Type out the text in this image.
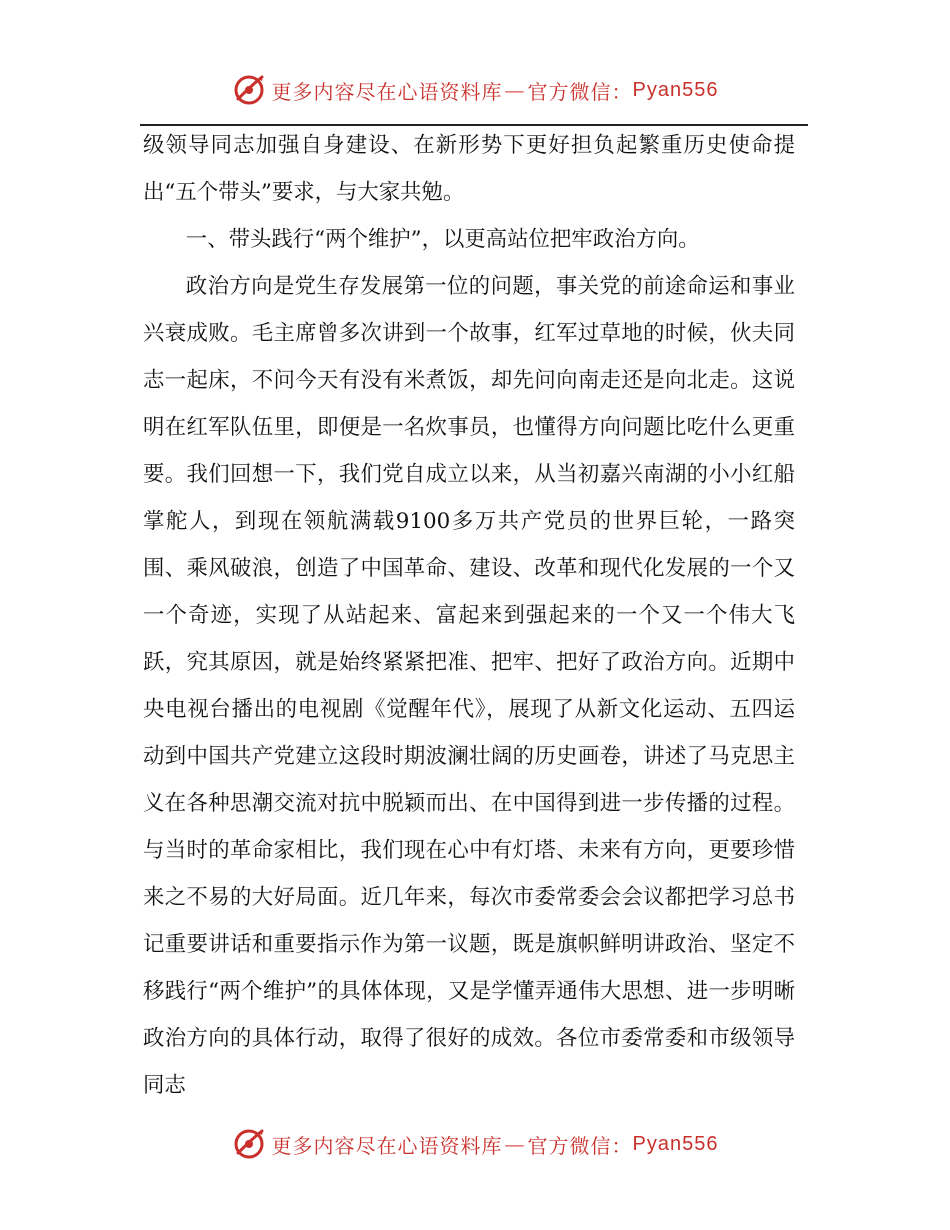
更多内容尽在心语资料库 — 官方微信： Pyan556

级领导同志加强自身建设、在新形势下更好担负起繁重历史使命提出“五个带头”要求，与大家共勉。

一、带头践行“两个维护”，以更高站位把牢政治方向。

政治方向是党生存发展第一位的问题，事关党的前途命运和事业兴衰成败。毛主席曾多次讲到一个故事，红军过草地的时候，伙夫同志一起床，不问今天有没有米煮饭，却先问向南走还是向北走。这说明在红军队伍里，即便是一名炊事员，也懂得方向问题比吃什么更重要。我们回想一下，我们党自成立以来，从当初嘉兴南湖的小小红船掌舵人，到现在领航满载9100多万共产党员的世界巨轮，一路突围、乘风破浪，创造了中国革命、建设、改革和现代化发展的一个又一个奇迹，实现了从站起来、富起来到强起来的一个又一个伟大飞跃，究其原因，就是始终紧紧把准、把牢、把好了政治方向。近期中央电视台播出的电视剧《觉醒年代》，展现了从新文化运动、五四运动到中国共产党建立这段时期波澜壮阔的历史画卷，讲述了马克思主义在各种思潮交流对抗中脱颖而出、在中国得到进一步传播的过程。与当时的革命家相比，我们现在心中有灯塔、未来有方向，更要珍惜来之不易的大好局面。近几年来，每次市委常委会会议都把学习总书记重要讲话和重要指示作为第一议题，既是旗帜鲜明讲政治、坚定不移践行“两个维护”的具体体现，又是学懂弄通伟大思想、进一步明晰政治方向的具体行动，取得了很好的成效。各位市委常委和市级领导同志

更多内容尽在心语资料库 — 官方微信： Pyan556
